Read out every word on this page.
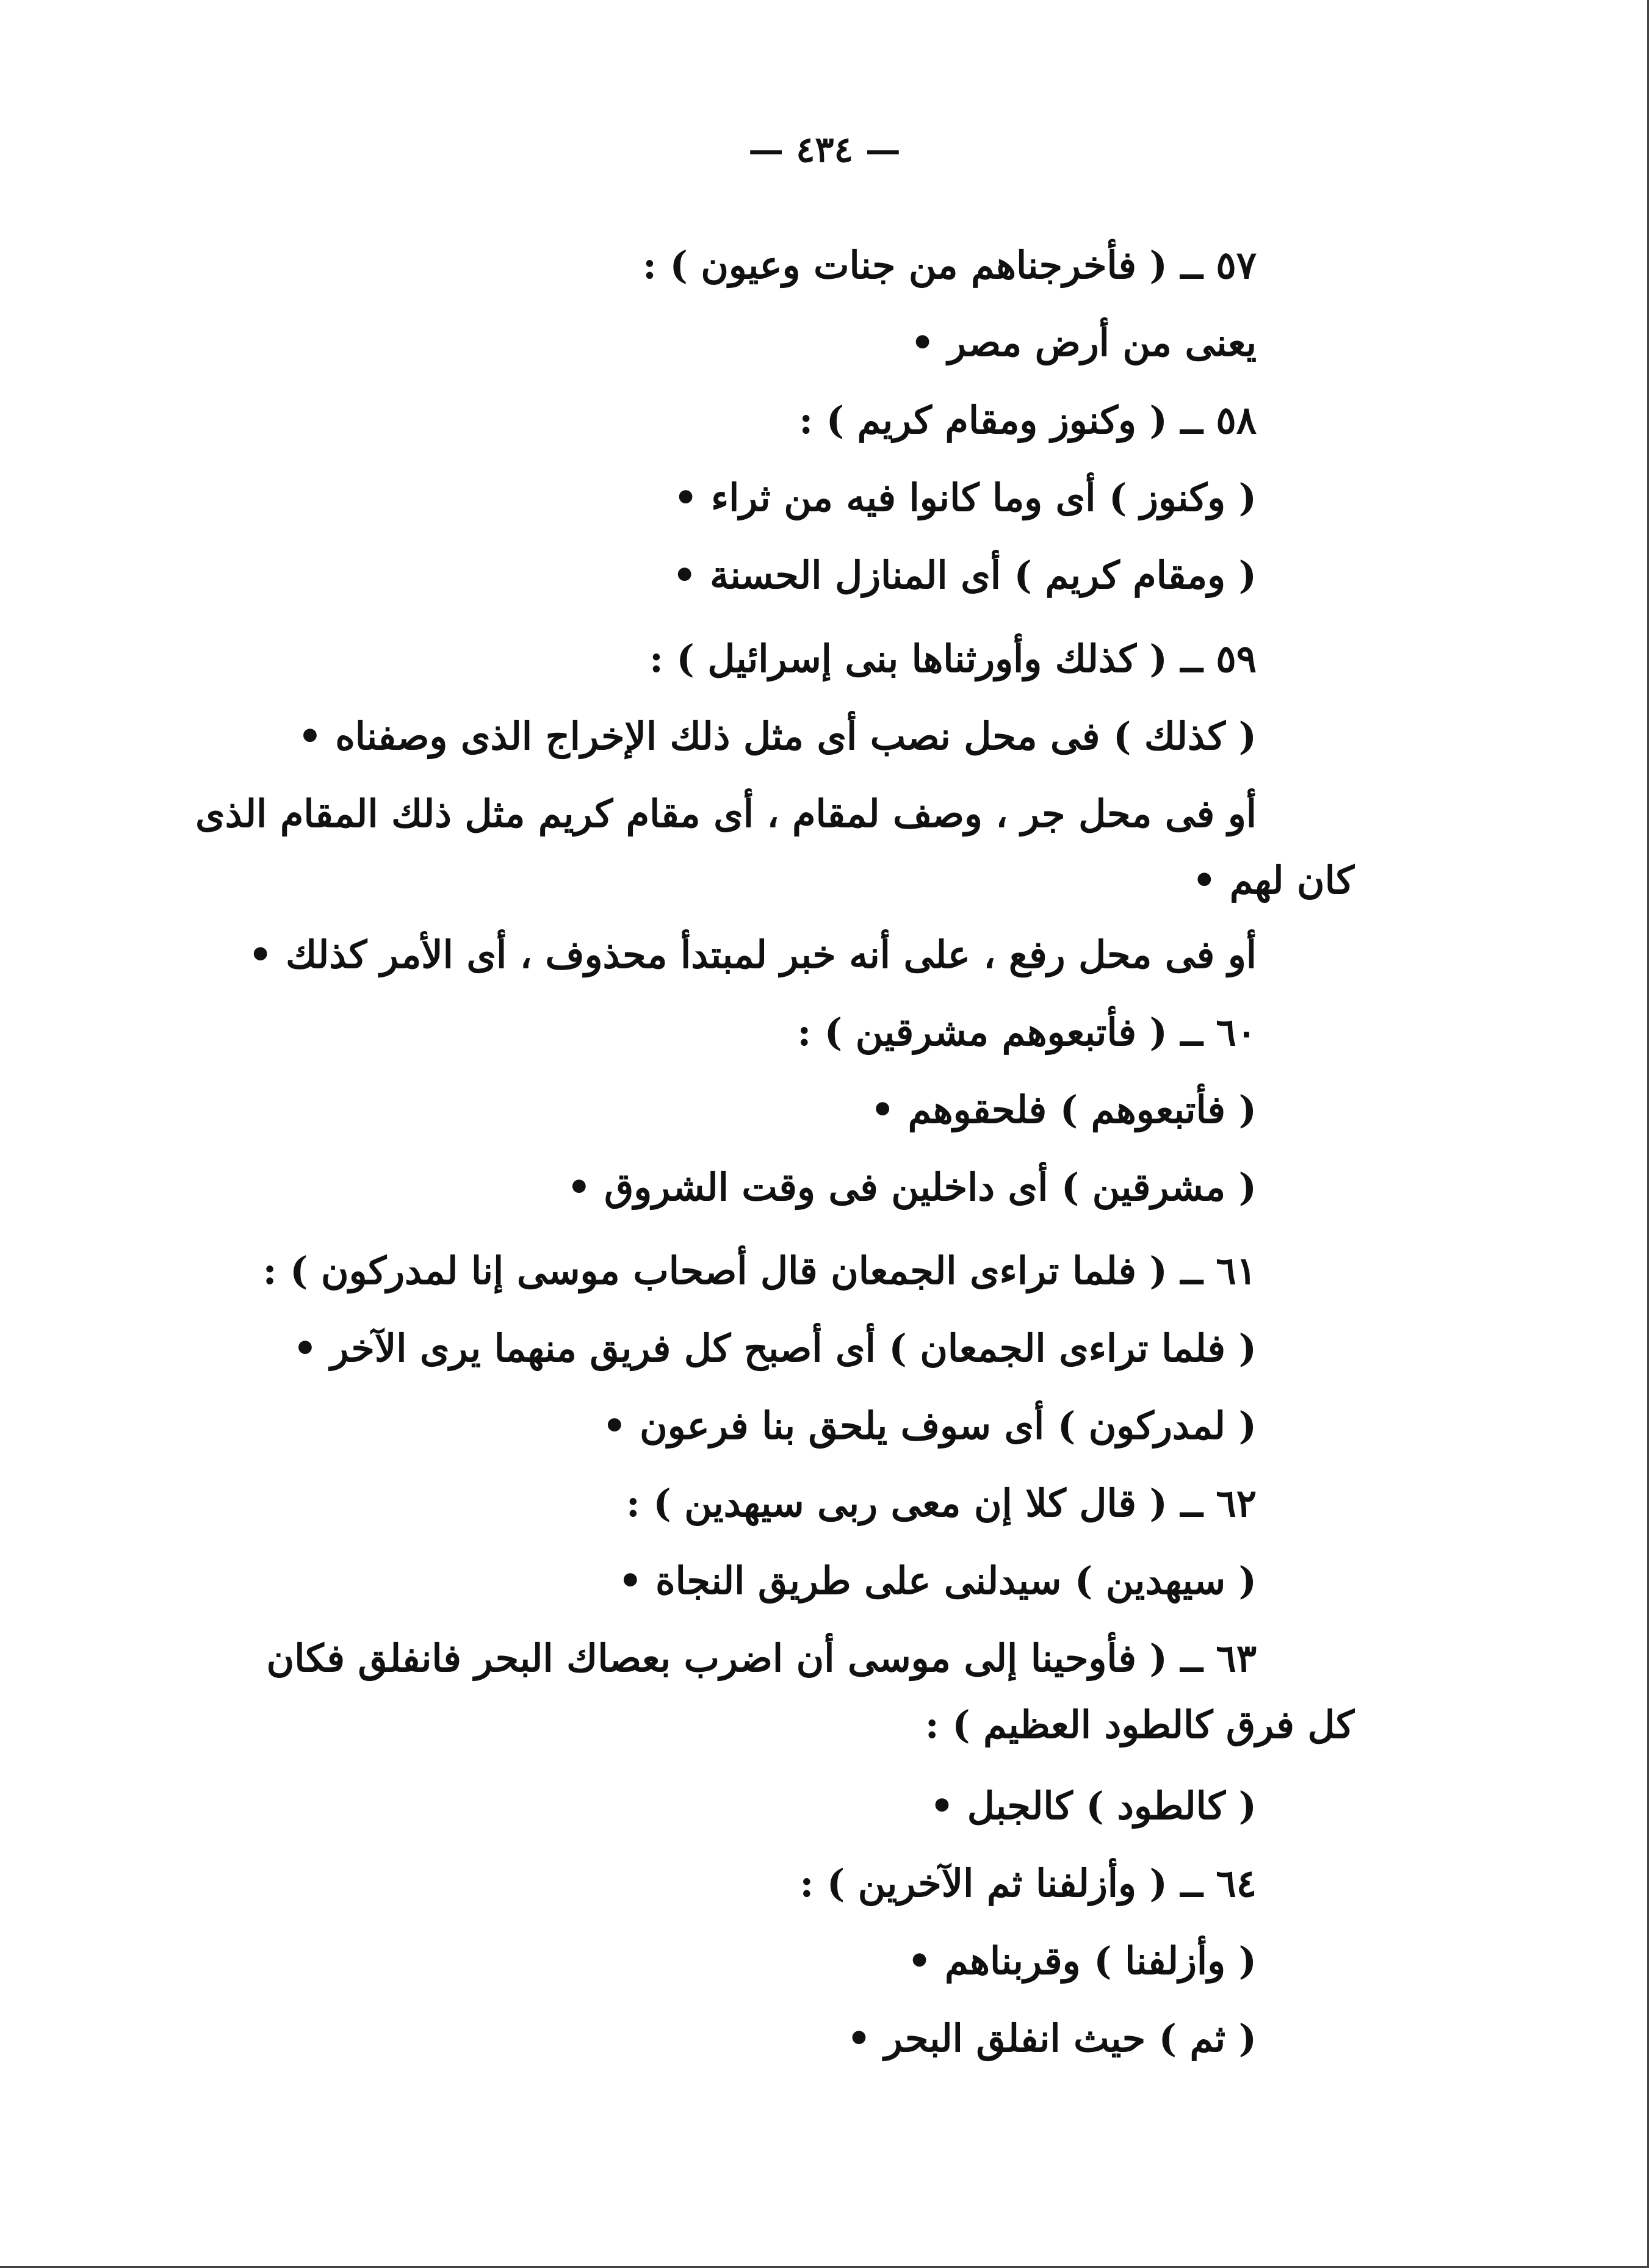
— ٤٣٤ —
٥٧ ــ ( فأخرجناهم من جنات وعيون ) :
يعنى من أرض مصر •
٥٨ ــ ( وكنوز ومقام كريم ) :
( وكنوز ) أى وما كانوا فيه من ثراء •
( ومقام كريم ) أى المنازل الحسنة •
٥٩ ــ ( كذلك وأورثناها بنى إسرائيل ) :
( كذلك ) فى محل نصب أى مثل ذلك الإخراج الذى وصفناه •
أو فى محل جر ، وصف لمقام ، أى مقام كريم مثل ذلك المقام الذى
كان لهم •
أو فى محل رفع ، على أنه خبر لمبتدأ محذوف ، أى الأمر كذلك •
٦٠ ــ ( فأتبعوهم مشرقين ) :
( فأتبعوهم ) فلحقوهم •
( مشرقين ) أى داخلين فى وقت الشروق •
٦١ ــ ( فلما تراءى الجمعان قال أصحاب موسى إنا لمدركون ) :
( فلما تراءى الجمعان ) أى أصبح كل فريق منهما يرى الآخر •
( لمدركون ) أى سوف يلحق بنا فرعون •
٦٢ ــ ( قال كلا إن معى ربى سيهدين ) :
( سيهدين ) سيدلنى على طريق النجاة •
٦٣ ــ ( فأوحينا إلى موسى أن اضرب بعصاك البحر فانفلق فكان
كل فرق كالطود العظيم ) :
( كالطود ) كالجبل •
٦٤ ــ ( وأزلفنا ثم الآخرين ) :
( وأزلفنا ) وقربناهم •
( ثم ) حيث انفلق البحر •
